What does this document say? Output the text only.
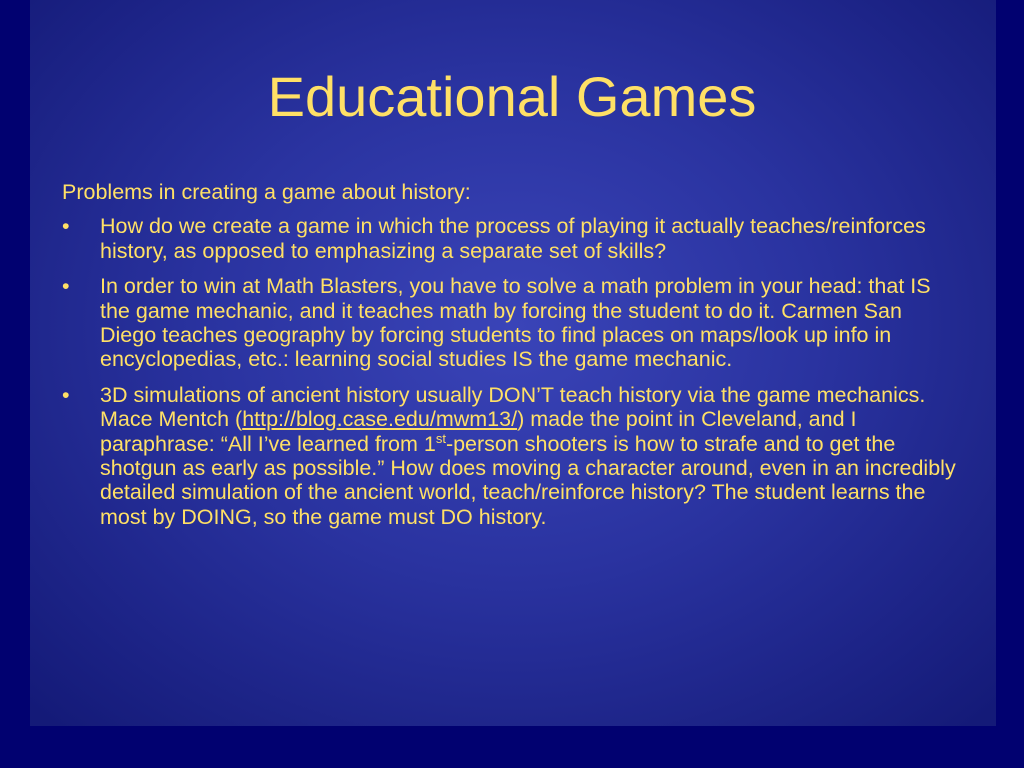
Educational Games
Problems in creating a game about history:
•	How do we create a game in which the process of playing it actually teaches/reinforces history, as opposed to emphasizing a separate set of skills?
•	In order to win at Math Blasters, you have to solve a math problem in your head: that IS the game mechanic, and it teaches math by forcing the student to do it. Carmen San Diego teaches geography by forcing students to find places on maps/look up info in encyclopedias, etc.: learning social studies IS the game mechanic.
•	3D simulations of ancient history usually DON’T teach history via the game mechanics. Mace Mentch (http://blog.case.edu/mwm13/) made the point in Cleveland, and I paraphrase: “All I’ve learned from 1st-person shooters is how to strafe and to get the shotgun as early as possible.” How does moving a character around, even in an incredibly detailed simulation of the ancient world, teach/reinforce history? The student learns the most by DOING, so the game must DO history.
